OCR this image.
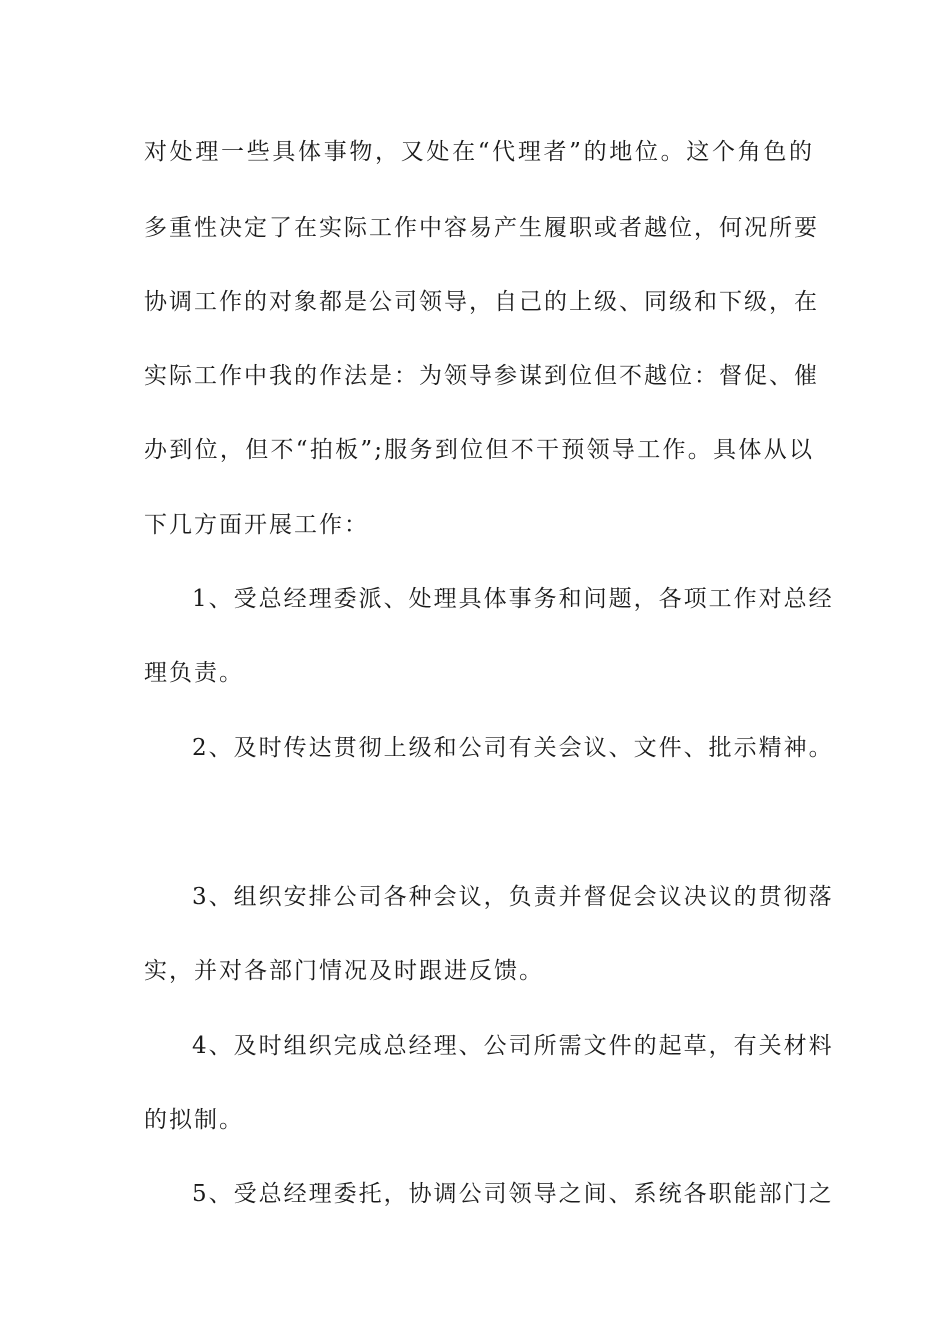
对处理一些具体事物，又处在“代理者”的地位。这个角色的
多重性决定了在实际工作中容易产生履职或者越位，何况所要
协调工作的对象都是公司领导，自己的上级、同级和下级，在
实际工作中我的作法是：为领导参谋到位但不越位：督促、催
办到位，但不“拍板”;服务到位但不干预领导工作。具体从以
下几方面开展工作：
1、受总经理委派、处理具体事务和问题，各项工作对总经
理负责。
2、及时传达贯彻上级和公司有关会议、文件、批示精神。
3、组织安排公司各种会议，负责并督促会议决议的贯彻落
实，并对各部门情况及时跟进反馈。
4、及时组织完成总经理、公司所需文件的起草，有关材料
的拟制。
5、受总经理委托，协调公司领导之间、系统各职能部门之
